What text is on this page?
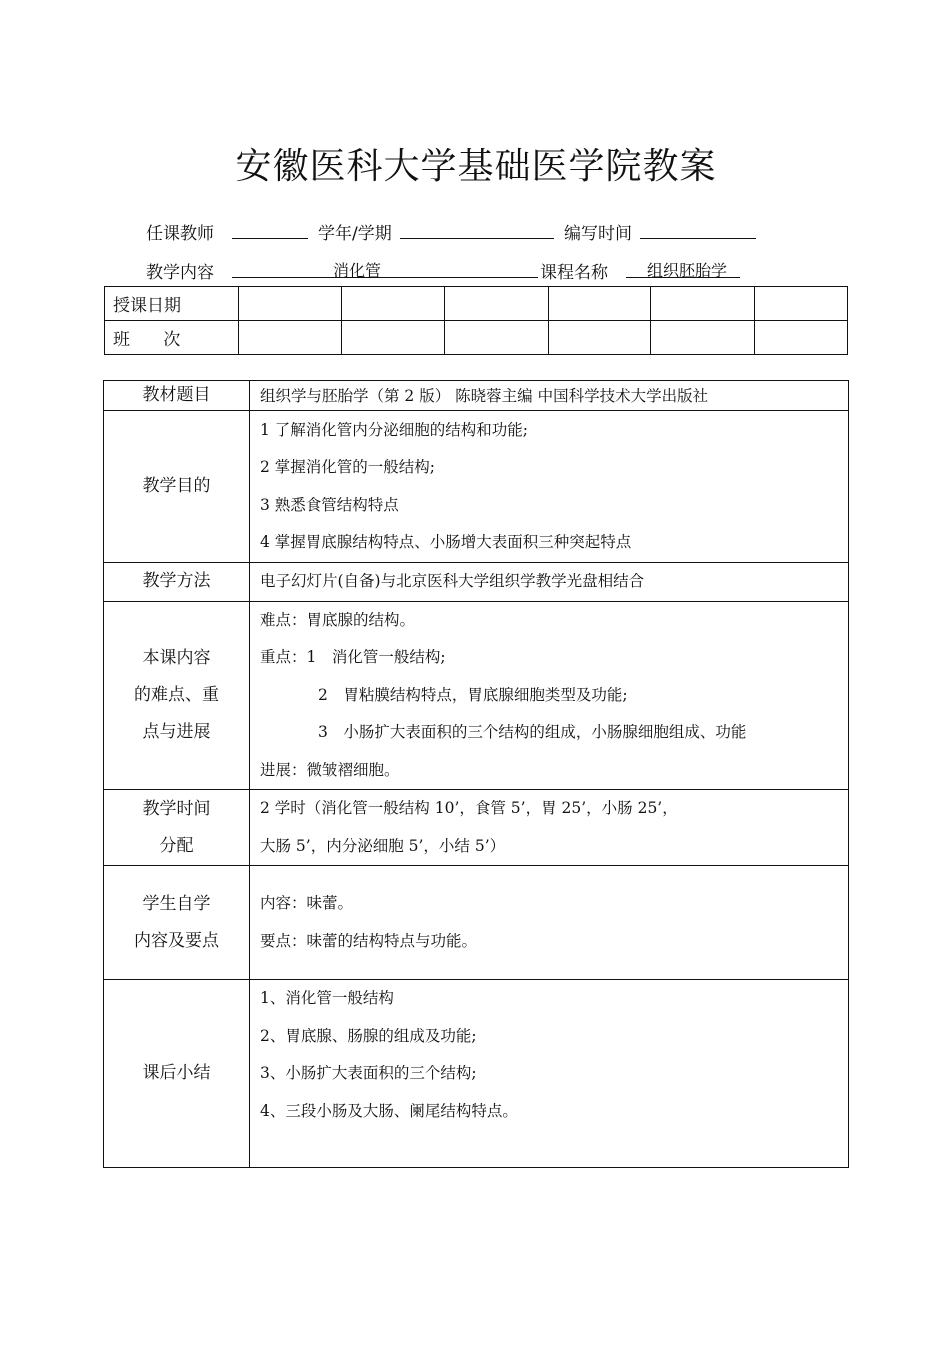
安徽医科大学基础医学院教案
任课教师	学年/学期	编写时间
教学内容	消化管	课程名称	组织胚胎学
授课日期						
班 次						
教材题目	组织学与胚胎学（第 2 版） 陈晓蓉主编 中国科学技术大学出版社

教学目的	1 了解消化管内分泌细胞的结构和功能;
2 掌握消化管的一般结构;
3 熟悉食管结构特点
4 掌握胃底腺结构特点、小肠增大表面积三种突起特点

教学方法	电子幻灯片(自备)与北京医科大学组织学教学光盘相结合

本课内容
的难点、重
点与进展	难点：胃底腺的结构。
重点：1　消化管一般结构;
2　胃粘膜结构特点，胃底腺细胞类型及功能;
3　小肠扩大表面积的三个结构的组成，小肠腺细胞组成、功能
进展：微皱褶细胞。

教学时间
分配	2 学时（消化管一般结构 10’，食管 5’，胃 25’，小肠 25’，
大肠 5’，内分泌细胞 5’，小结 5’）

学生自学
内容及要点	内容：味蕾。
要点：味蕾的结构特点与功能。

课后小结	1、消化管一般结构
2、胃底腺、肠腺的组成及功能;
3、小肠扩大表面积的三个结构;
4、三段小肠及大肠、阑尾结构特点。
